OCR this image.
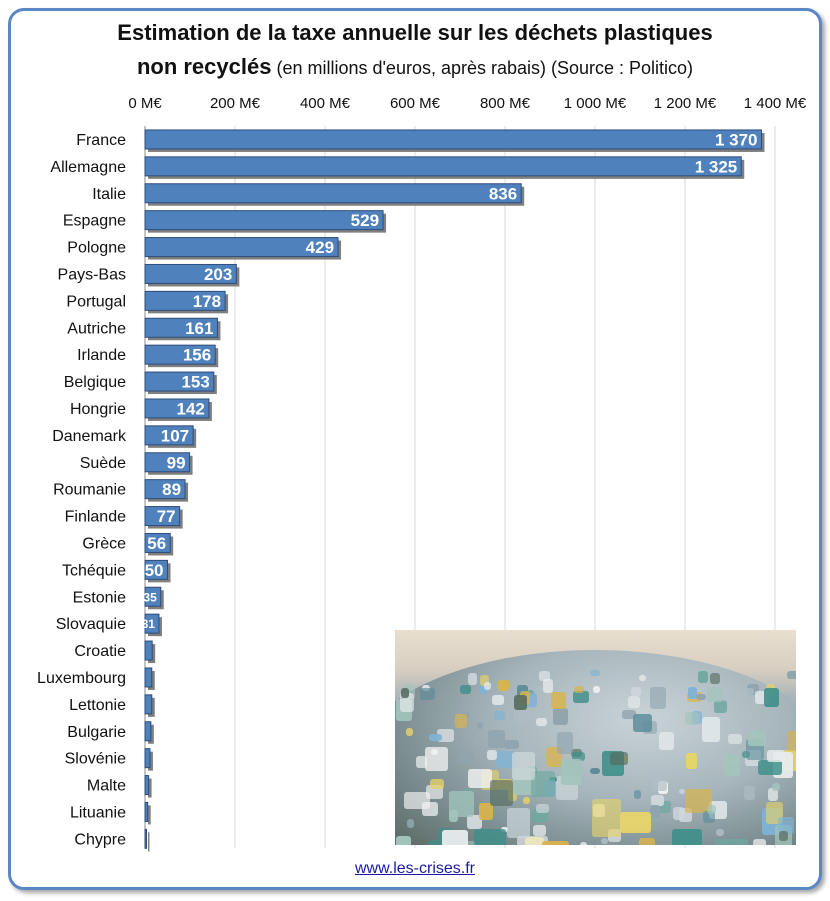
Estimation de la taxe annuelle sur les déchets plastiques
non recyclés (en millions d'euros, après rabais) (Source : Politico)
0 M€	200 M€	400 M€	600 M€	800 M€ 1 000 M€ 1 200 M€ 1 400 M€
France	1 370
Allemagne	1 325
Italie	836
Espagne	529
Pologne	429
Pays-Bas	203
Portugal	178
Autriche	161
Irlande	156
Belgique	153
Hongrie	142
Danemark 107
Suède 99
Roumanie 89
Finlande 77
Grèce 56
Tchéquie 50
Estonie 35
Slovaquie 31
Croatie
Luxembourg
Lettonie
Bulgarie
Slovénie
Malte
Lituanie
Chypre
www.les-crises.fr
